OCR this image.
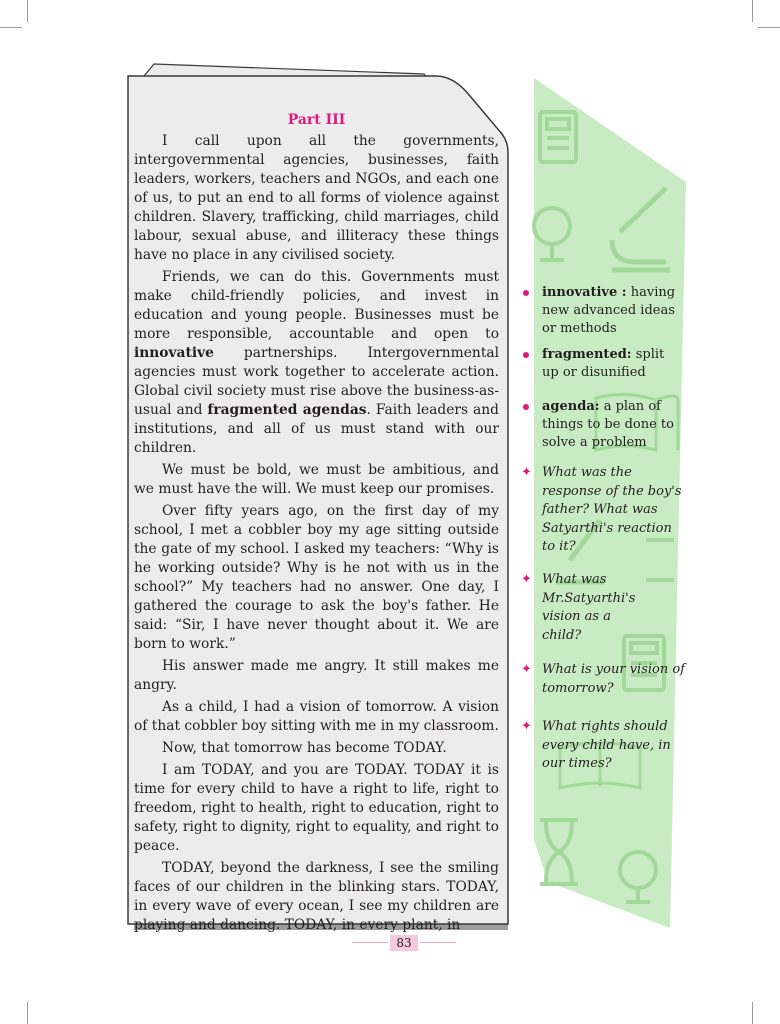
Part III

I call upon all the governments, intergovernmental agencies, businesses, faith leaders, workers, teachers and NGOs, and each one of us, to put an end to all forms of violence against children. Slavery, trafficking, child marriages, child labour, sexual abuse, and illiteracy these things have no place in any civilised society.

Friends, we can do this. Governments must make child-friendly policies, and invest in education and young people. Businesses must be more responsible, accountable and open to innovative partnerships. Intergovernmental agencies must work together to accelerate action. Global civil society must rise above the business-as-usual and fragmented agendas. Faith leaders and institutions, and all of us must stand with our children.

We must be bold, we must be ambitious, and we must have the will. We must keep our promises.

Over fifty years ago, on the first day of my school, I met a cobbler boy my age sitting outside the gate of my school. I asked my teachers: “Why is he working outside? Why is he not with us in the school?” My teachers had no answer. One day, I gathered the courage to ask the boy's father. He said: “Sir, I have never thought about it. We are born to work.”

His answer made me angry. It still makes me angry.

As a child, I had a vision of tomorrow. A vision of that cobbler boy sitting with me in my classroom.

Now, that tomorrow has become TODAY.

I am TODAY, and you are TODAY. TODAY it is time for every child to have a right to life, right to freedom, right to health, right to education, right to safety, right to dignity, right to equality, and right to peace.

TODAY, beyond the darkness, I see the smiling faces of our children in the blinking stars. TODAY, in every wave of every ocean, I see my children are playing and dancing. TODAY, in every plant, in

innovative : having new advanced ideas or methods
fragmented: split up or disunified
agenda: a plan of things to be done to solve a problem
✦ What was the response of the boy's father? What was Satyarthi's reaction to it?
✦ What was Mr.Satyarthi's vision as a child?
✦ What is your vision of tomorrow?
✦ What rights should every child have, in our times?
83
